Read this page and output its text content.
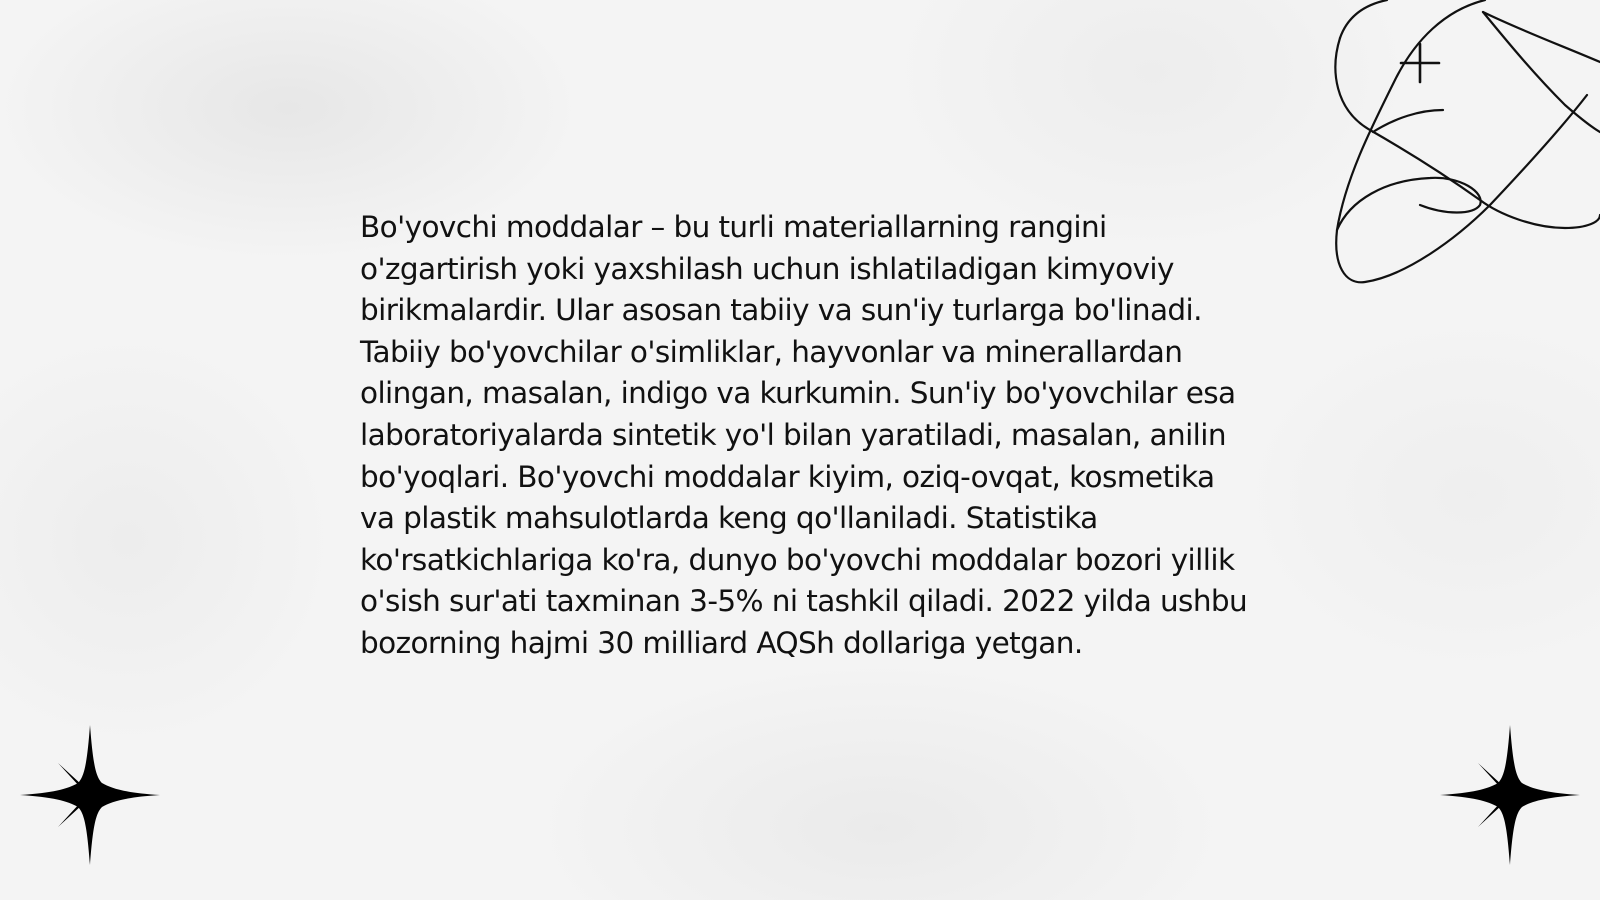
Bo'yovchi moddalar – bu turli materiallarning rangini o'zgartirish yoki yaxshilash uchun ishlatiladigan kimyoviy birikmalardir. Ular asosan tabiiy va sun'iy turlarga bo'linadi. Tabiiy bo'yovchilar o'simliklar, hayvonlar va minerallardan olingan, masalan, indigo va kurkumin. Sun'iy bo'yovchilar esa laboratoriyalarda sintetik yo'l bilan yaratiladi, masalan, anilin bo'yoqlari. Bo'yovchi moddalar kiyim, oziq-ovqat, kosmetika va plastik mahsulotlarda keng qo'llaniladi. Statistika ko'rsatkichlariga ko'ra, dunyo bo'yovchi moddalar bozori yillik o'sish sur'ati taxminan 3-5% ni tashkil qiladi. 2022 yilda ushbu bozorning hajmi 30 milliard AQSh dollariga yetgan.
